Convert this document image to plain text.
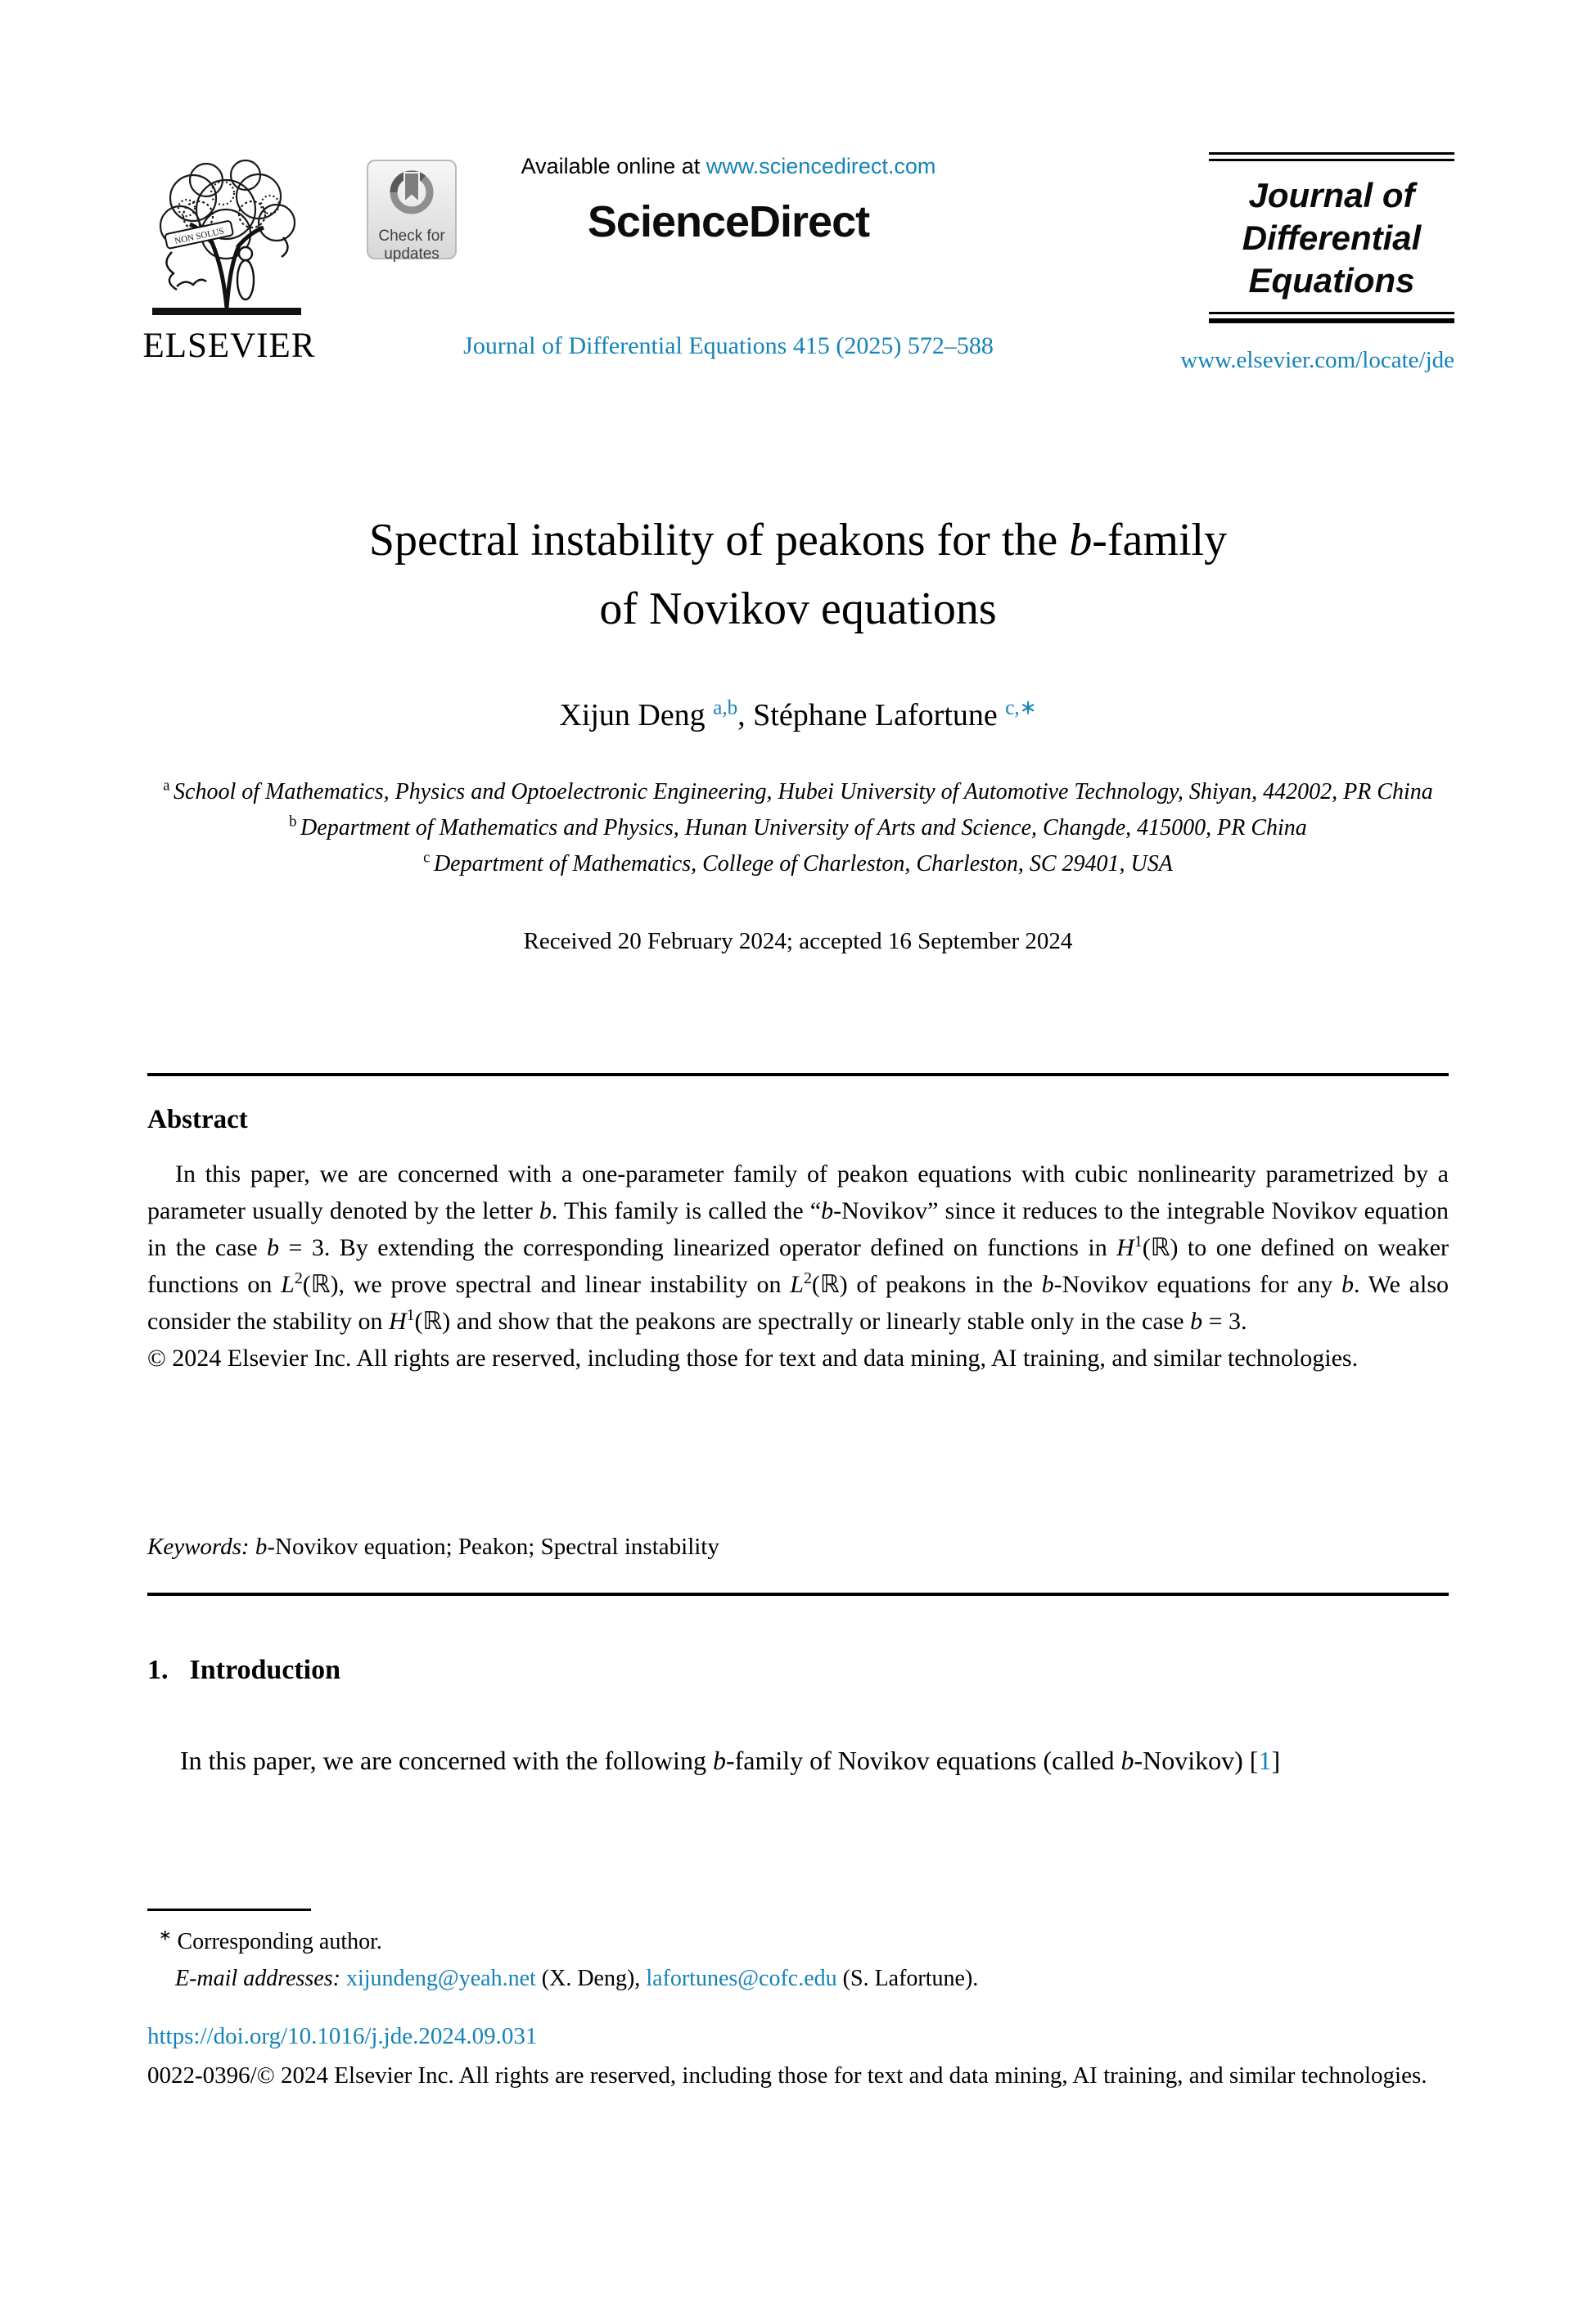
NON SOLUS
ELSEVIER
Check for
updates
Available online at www.sciencedirect.com
ScienceDirect
Journal of Differential Equations 415 (2025) 572–588
Journal of
Differential
Equations
www.elsevier.com/locate/jde
Spectral instability of peakons for the b-family
of Novikov equations
Xijun Deng $^{a,b}$, Stéphane Lafortune $^{c,∗}$
$^a$ School of Mathematics, Physics and Optoelectronic Engineering, Hubei University of Automotive Technology, Shiyan, 442002, PR China
$^b$ Department of Mathematics and Physics, Hunan University of Arts and Science, Changde, 415000, PR China
$^c$ Department of Mathematics, College of Charleston, Charleston, SC 29401, USA
Received 20 February 2024; accepted 16 September 2024
Abstract
In this paper, we are concerned with a one-parameter family of peakon equations with cubic nonlinearity parametrized by a parameter usually denoted by the letter b. This family is called the “b-Novikov” since it reduces to the integrable Novikov equation in the case b = 3. By extending the corresponding linearized operator defined on functions in $H^1(ℝ)$ to one defined on weaker functions on $L^2(ℝ)$, we prove spectral and linear instability on $L^2(ℝ)$ of peakons in the b-Novikov equations for any b. We also consider the stability on $H^1(ℝ)$ and show that the peakons are spectrally or linearly stable only in the case b = 3.
© 2024 Elsevier Inc. All rights are reserved, including those for text and data mining, AI training, and similar technologies.
Keywords: b-Novikov equation; Peakon; Spectral instability
1. Introduction
In this paper, we are concerned with the following b-family of Novikov equations (called b-Novikov) [1]
∗ Corresponding author.
E-mail addresses: xijundeng@yeah.net (X. Deng), lafortunes@cofc.edu (S. Lafortune).
https://doi.org/10.1016/j.jde.2024.09.031
0022-0396/© 2024 Elsevier Inc. All rights are reserved, including those for text and data mining, AI training, and similar technologies.
